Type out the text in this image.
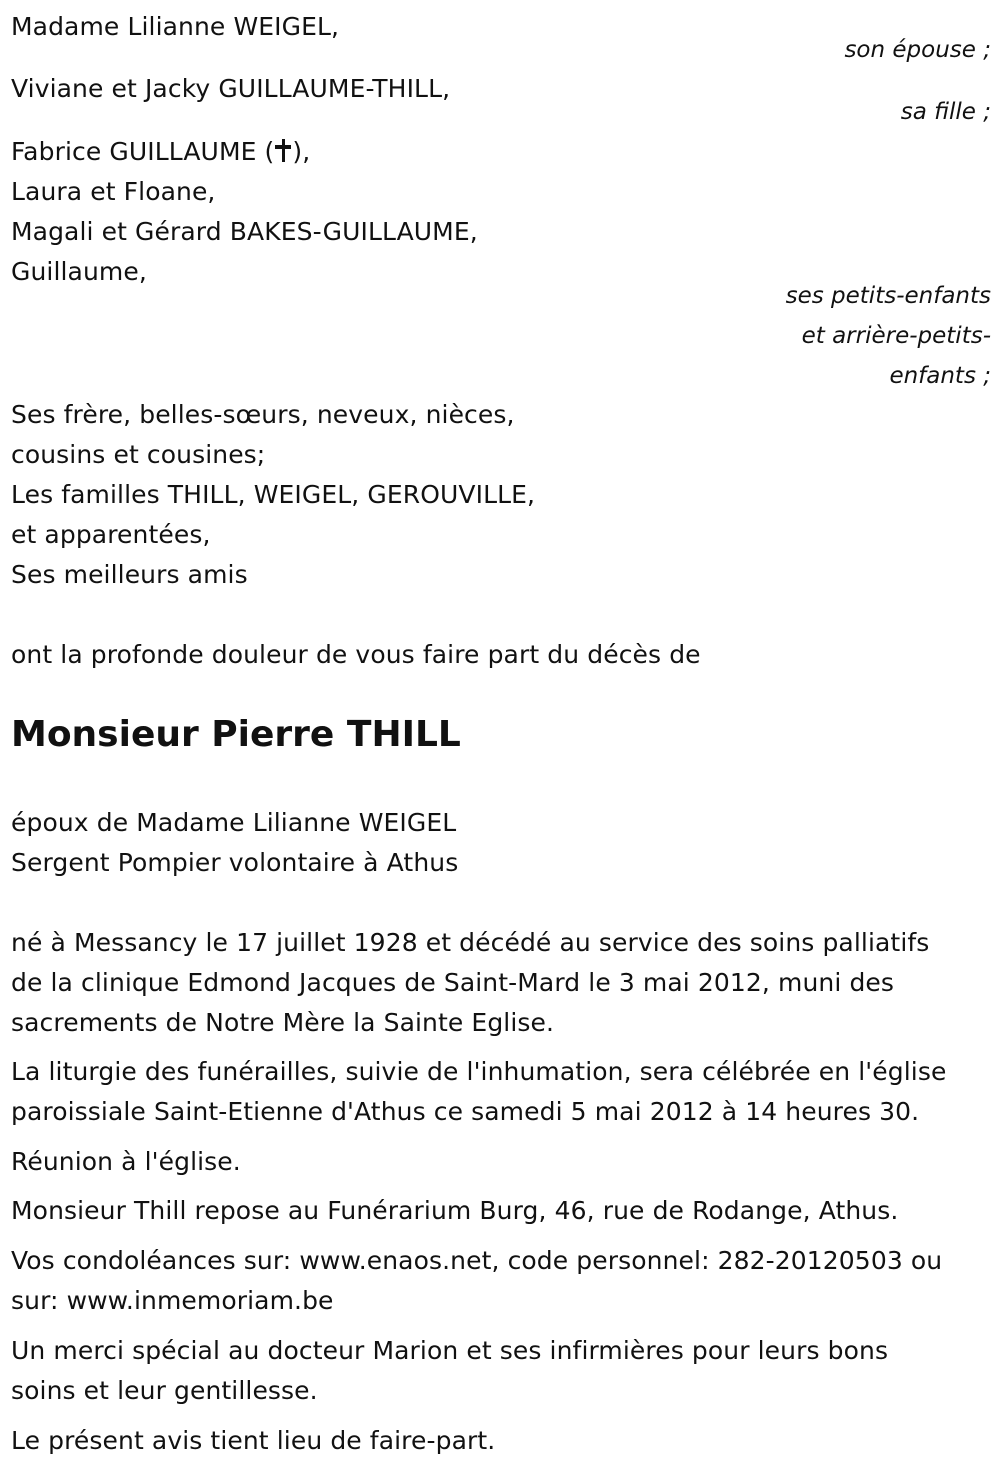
Madame Lilianne WEIGEL,
son épouse ;
Viviane et Jacky GUILLAUME-THILL,
sa fille ;
Fabrice GUILLAUME ( ),
Laura et Floane,
Magali et Gérard BAKES-GUILLAUME,
Guillaume,
ses petits-enfants
et arrière-petits-
enfants ;
Ses frère, belles-sœurs, neveux, nièces,
cousins et cousines;
Les familles THILL, WEIGEL, GEROUVILLE,
et apparentées,
Ses meilleurs amis
ont la profonde douleur de vous faire part du décès de
Monsieur Pierre THILL
époux de Madame Lilianne WEIGEL
Sergent Pompier volontaire à Athus
né à Messancy le 17 juillet 1928 et décédé au service des soins palliatifs
de la clinique Edmond Jacques de Saint-Mard le 3 mai 2012, muni des
sacrements de Notre Mère la Sainte Eglise.
La liturgie des funérailles, suivie de l'inhumation, sera célébrée en l'église
paroissiale Saint-Etienne d'Athus ce samedi 5 mai 2012 à 14 heures 30.
Réunion à l'église.
Monsieur Thill repose au Funérarium Burg, 46, rue de Rodange, Athus.
Vos condoléances sur: www.enaos.net, code personnel: 282-20120503 ou
sur: www.inmemoriam.be
Un merci spécial au docteur Marion et ses infirmières pour leurs bons
soins et leur gentillesse.
Le présent avis tient lieu de faire-part.
